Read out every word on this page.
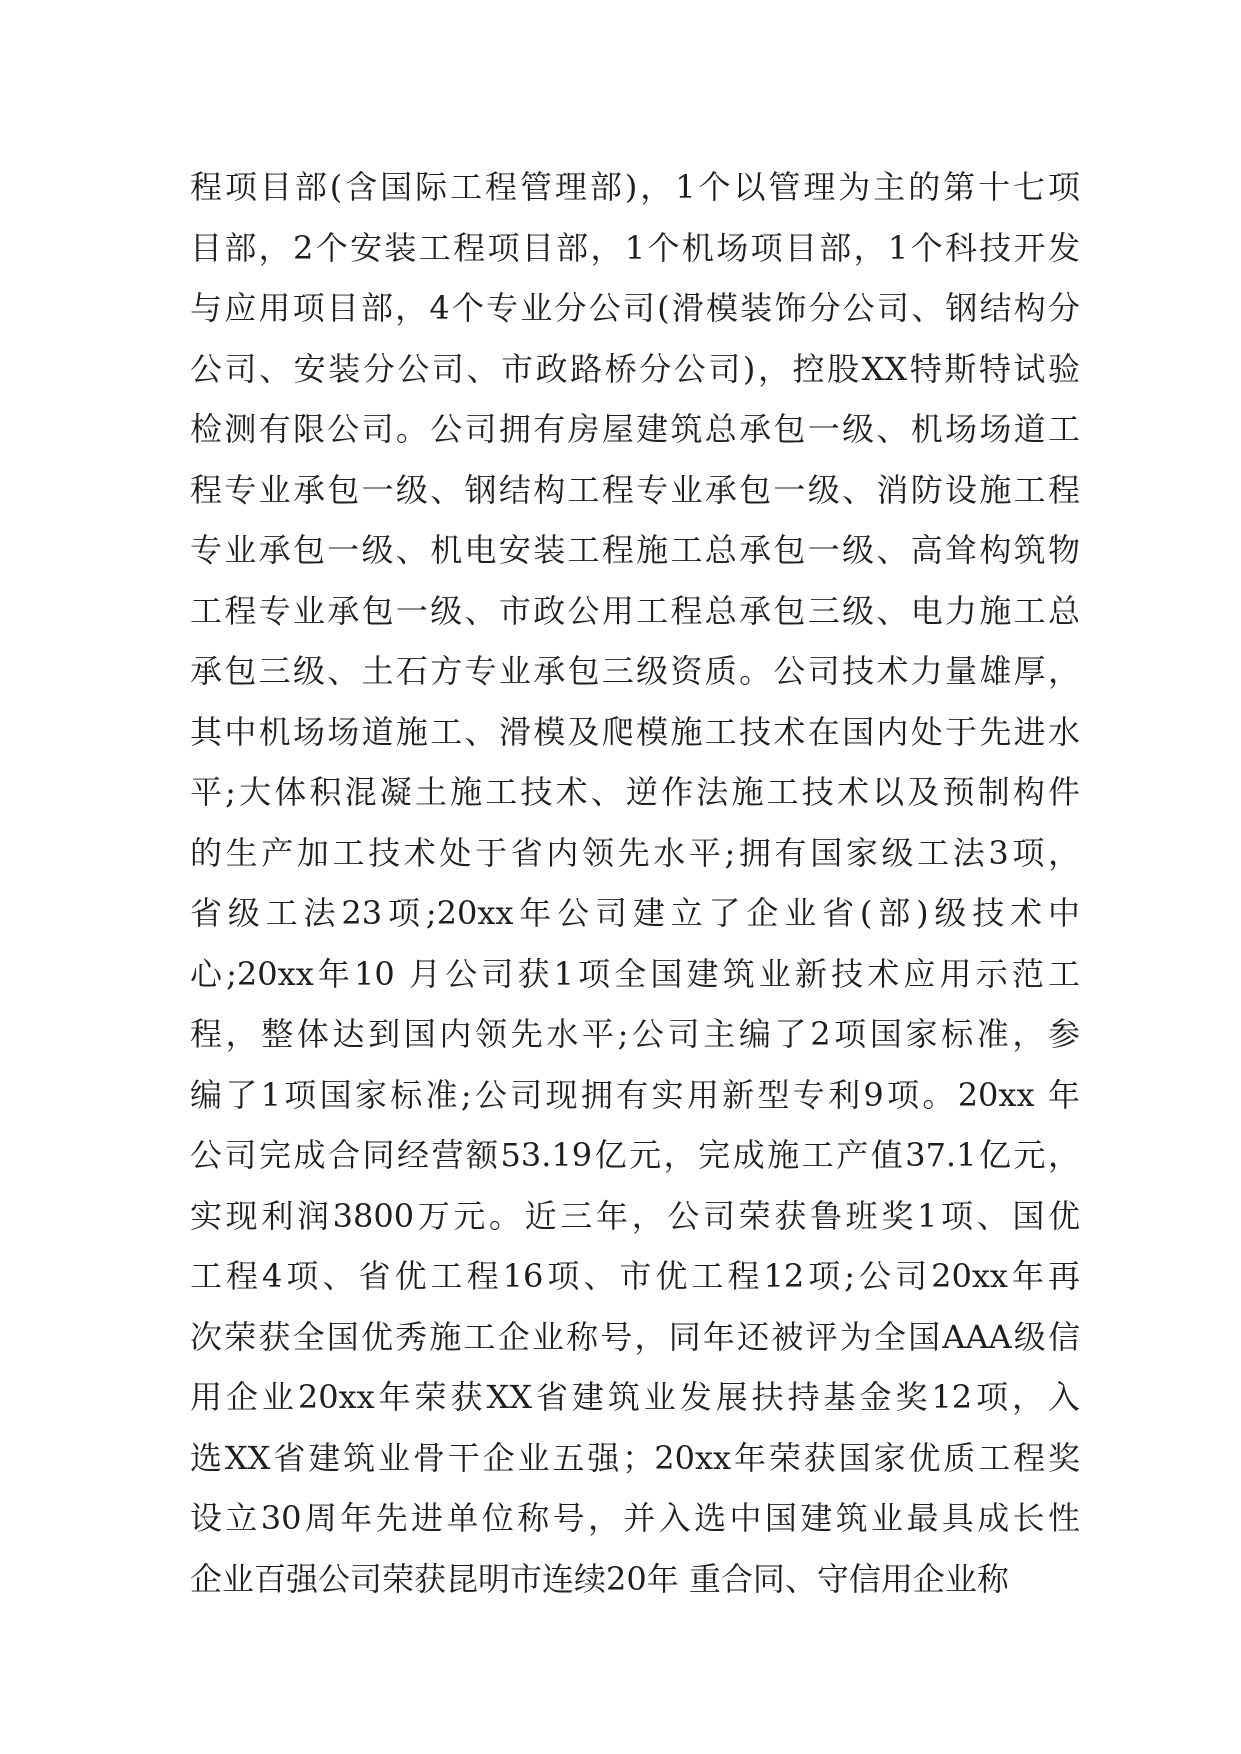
程项目部(含国际工程管理部)，1个以管理为主的第十七项
目部，2个安装工程项目部，1个机场项目部，1个科技开发
与应用项目部，4个专业分公司(滑模装饰分公司、钢结构分
公司、安装分公司、市政路桥分公司)，控股XX特斯特试验
检测有限公司。公司拥有房屋建筑总承包一级、机场场道工
程专业承包一级、钢结构工程专业承包一级、消防设施工程
专业承包一级、机电安装工程施工总承包一级、高耸构筑物
工程专业承包一级、市政公用工程总承包三级、电力施工总
承包三级、土石方专业承包三级资质。公司技术力量雄厚，
其中机场场道施工、滑模及爬模施工技术在国内处于先进水
平;大体积混凝土施工技术、逆作法施工技术以及预制构件
的生产加工技术处于省内领先水平;拥有国家级工法3项，
省级工法23项;20xx年公司建立了企业省(部)级技术中
心;20xx年10 月公司获1项全国建筑业新技术应用示范工
程，整体达到国内领先水平;公司主编了2项国家标准，参
编了1项国家标准;公司现拥有实用新型专利9项。20xx 年
公司完成合同经营额53.19亿元，完成施工产值37.1亿元，
实现利润3800万元。近三年，公司荣获鲁班奖1项、国优
工程4项、省优工程16项、市优工程12项;公司20xx年再
次荣获全国优秀施工企业称号，同年还被评为全国AAA级信
用企业20xx年荣获XX省建筑业发展扶持基金奖12项，入
选XX省建筑业骨干企业五强；20xx年荣获国家优质工程奖
设立30周年先进单位称号，并入选中国建筑业最具成长性
企业百强公司荣获昆明市连续20年 重合同、守信用企业称
